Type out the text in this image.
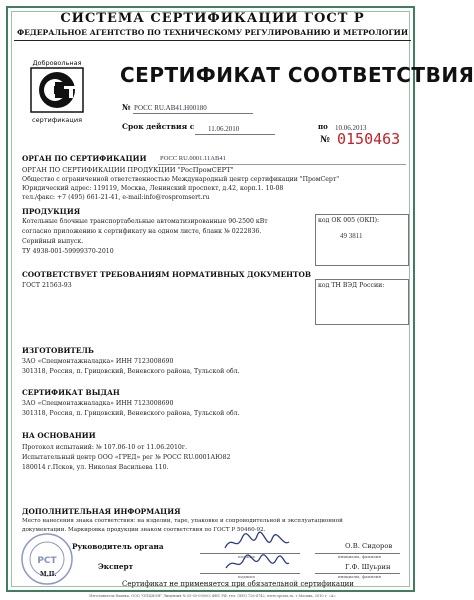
СИСТЕМА СЕРТИФИКАЦИИ ГОСТ Р
ФЕДЕРАЛЬНОЕ АГЕНТСТВО ПО ТЕХНИЧЕСКОМУ РЕГУЛИРОВАНИЮ И МЕТРОЛОГИИ
Добровольная
Р
сертификация
СЕРТИФИКАТ СООТВЕТСТВИЯ
№ РОСС RU.АВ41.Н00180
Срок действия с 11.06.2010	по 10.06.2013
№ 0150463
ОРГАН ПО СЕРТИФИКАЦИИ РОСС RU.0001.11АВ41
ОРГАН ПО СЕРТИФИКАЦИИ ПРОДУКЦИИ "РосПромСЕРТ"
Общество с ограниченной ответственностью Международный центр сертификации "ПромСерт"
Юридический адрес: 119119, Москва, Ленинский проспект, д.42, корп.1. 10-08
тел./факс: +7 (495) 661-21-41, e-mail:info@rospromsert.ru
ПРОДУКЦИЯ
Котельные блочные транспортабельные автоматизированные 90-2500 кВт
согласно приложению к сертификату на одном листе, бланк № 0222836.
Серийный выпуск.
ТУ 4938-001-59999370-2010
код ОК 005 (ОКП):
49 3811
СООТВЕТСТВУЕТ ТРЕБОВАНИЯМ НОРМАТИВНЫХ ДОКУМЕНТОВ
ГОСТ 21563-93	код ТН ВЭД России:
ИЗГОТОВИТЕЛЬ
ЗАО «Спецмонтажналадка» ИНН 7123008690
301318, Россия, п. Грицовский, Веневского района, Тульской обл.
СЕРТИФИКАТ ВЫДАН
ЗАО «Спецмонтажналадка» ИНН 7123008690
301318, Россия, п. Грицовский, Веневского района, Тульской обл.
НА ОСНОВАНИИ
Протокол испытаний: № 107.06-10 от 11.06.2010г.
Испытательный центр ООО «ГРЕД» рег № РОСС RU.0001АЮ82
180014 г.Псков, ул. Николая Васильева 110.
ДОПОЛНИТЕЛЬНАЯ ИНФОРМАЦИЯ
Место нанесения знака соответствия: на изделии, таре, упаковке и сопроводительной и эксплуатационной
документации. Маркировка продукции знаком соответствия по ГОСТ Р 50460-92.
РСТ
М.П.
Руководитель органа	О.В. Сидоров
подпись	инициалы, фамилия
Эксперт	Г.Ф. Шуьрин
подпись	инициалы, фамилия
Сертификат не применяется при обязательной сертификации
Изготовитель бланка: ООО "ОПЦИОН" Лицензия № 05-05-09/003 ФНС РФ, тел. (495) 726-4742, www.opcion.ru, г.Москва, 2010 г. «А»
